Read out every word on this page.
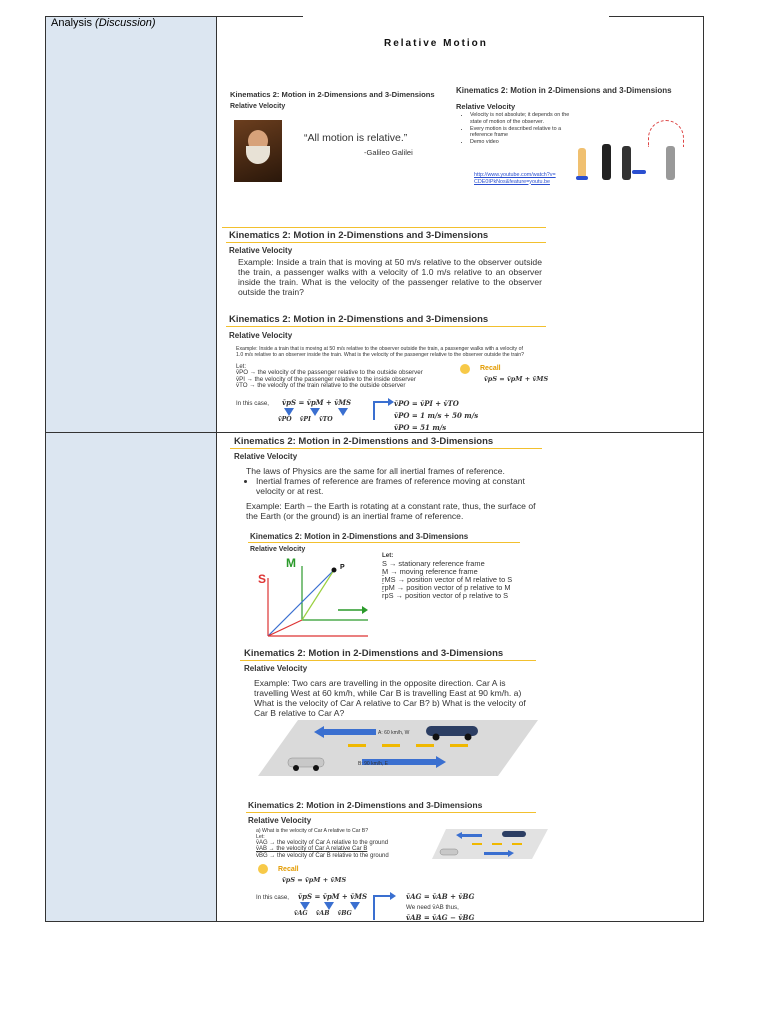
Analysis (Discussion)
Relative Motion
Kinematics 2: Motion in 2-Dimensions and 3-Dimensions
Relative Velocity
“All motion is relative.”
-Galileo Galilei
Kinematics 2: Motion in 2-Dimensions and 3-Dimensions
Relative Velocity
• Velocity is not absolute; it depends on the state of motion of the observer.
• Every motion is described relative to a reference frame
• Demo video
http://www.youtube.com/watch?v=CDE0IPkNos&feature=youtu.be
Kinematics 2: Motion in 2-Dimenstions and 3-Dimensions
Relative Velocity
Example: Inside a train that is moving at 50 m/s relative to the observer outside the train, a passenger walks with a velocity of 1.0 m/s relative to an observer inside the train. What is the velocity of the passenger relative to the observer outside the train?
Kinematics 2: Motion in 2-Dimenstions and 3-Dimensions
Relative Velocity
Example: Inside a train that is moving at 50 m/s relative to the observer outside the train, a passenger walks with a velocity of 1.0 m/s relative to an observer inside the train. What is the velocity of the passenger relative to the observer outside the train?
Let:
v̄PO → the velocity of the passenger relative to the outside observer
v̄PI → the velocity of the passenger relative to the inside observer
v̄TO → the velocity of the train relative to the outside observer
Recall
v̄pS = v̄pM + v̄MS
In this case, v̄pS = v̄pM + v̄MS
v̄PO v̄PI v̄TO
v̄PO = v̄PI + v̄TO
v̄PO = 1 m/s + 50 m/s
v̄PO = 51 m/s
Kinematics 2: Motion in 2-Dimenstions and 3-Dimensions
Relative Velocity
The laws of Physics are the same for all inertial frames of reference.
• Inertial frames of reference are frames of reference moving at constant velocity or at rest.
Example: Earth – the Earth is rotating at a constant rate, thus, the surface of the Earth (or the ground) is an inertial frame of reference.
Kinematics 2: Motion in 2-Dimenstions and 3-Dimensions
Relative Velocity
M
S
P
Let:
S → stationary reference frame
M → moving reference frame
r̄MS → position vector of M relative to S
r̄pM → position vector of p relative to M
r̄pS → position vector of p relative to S
Kinematics 2: Motion in 2-Dimenstions and 3-Dimensions
Relative Velocity
Example: Two cars are travelling in the opposite direction. Car A is travelling West at 60 km/h, while Car B is travelling East at 90 km/h. a) What is the velocity of Car A relative to Car B? b) What is the velocity of Car B relative to Car A?
A: 60 km/h, W
B: 90 km/h, E
Kinematics 2: Motion in 2-Dimenstions and 3-Dimensions
Relative Velocity
a) What is the velocity of Car A relative to Car B?
Let:
v̄AG → the velocity of Car A relative to the ground
v̄AB → the velocity of Car A relative Car B
v̄BG → the velocity of Car B relative to the ground
Recall
v̄pS = v̄pM + v̄MS
In this case, v̄pS = v̄pM + v̄MS
v̄AG v̄AB v̄BG
v̄AG = v̄AB + v̄BG
We need v̄AB thus,
v̄AB = v̄AG − v̄BG
